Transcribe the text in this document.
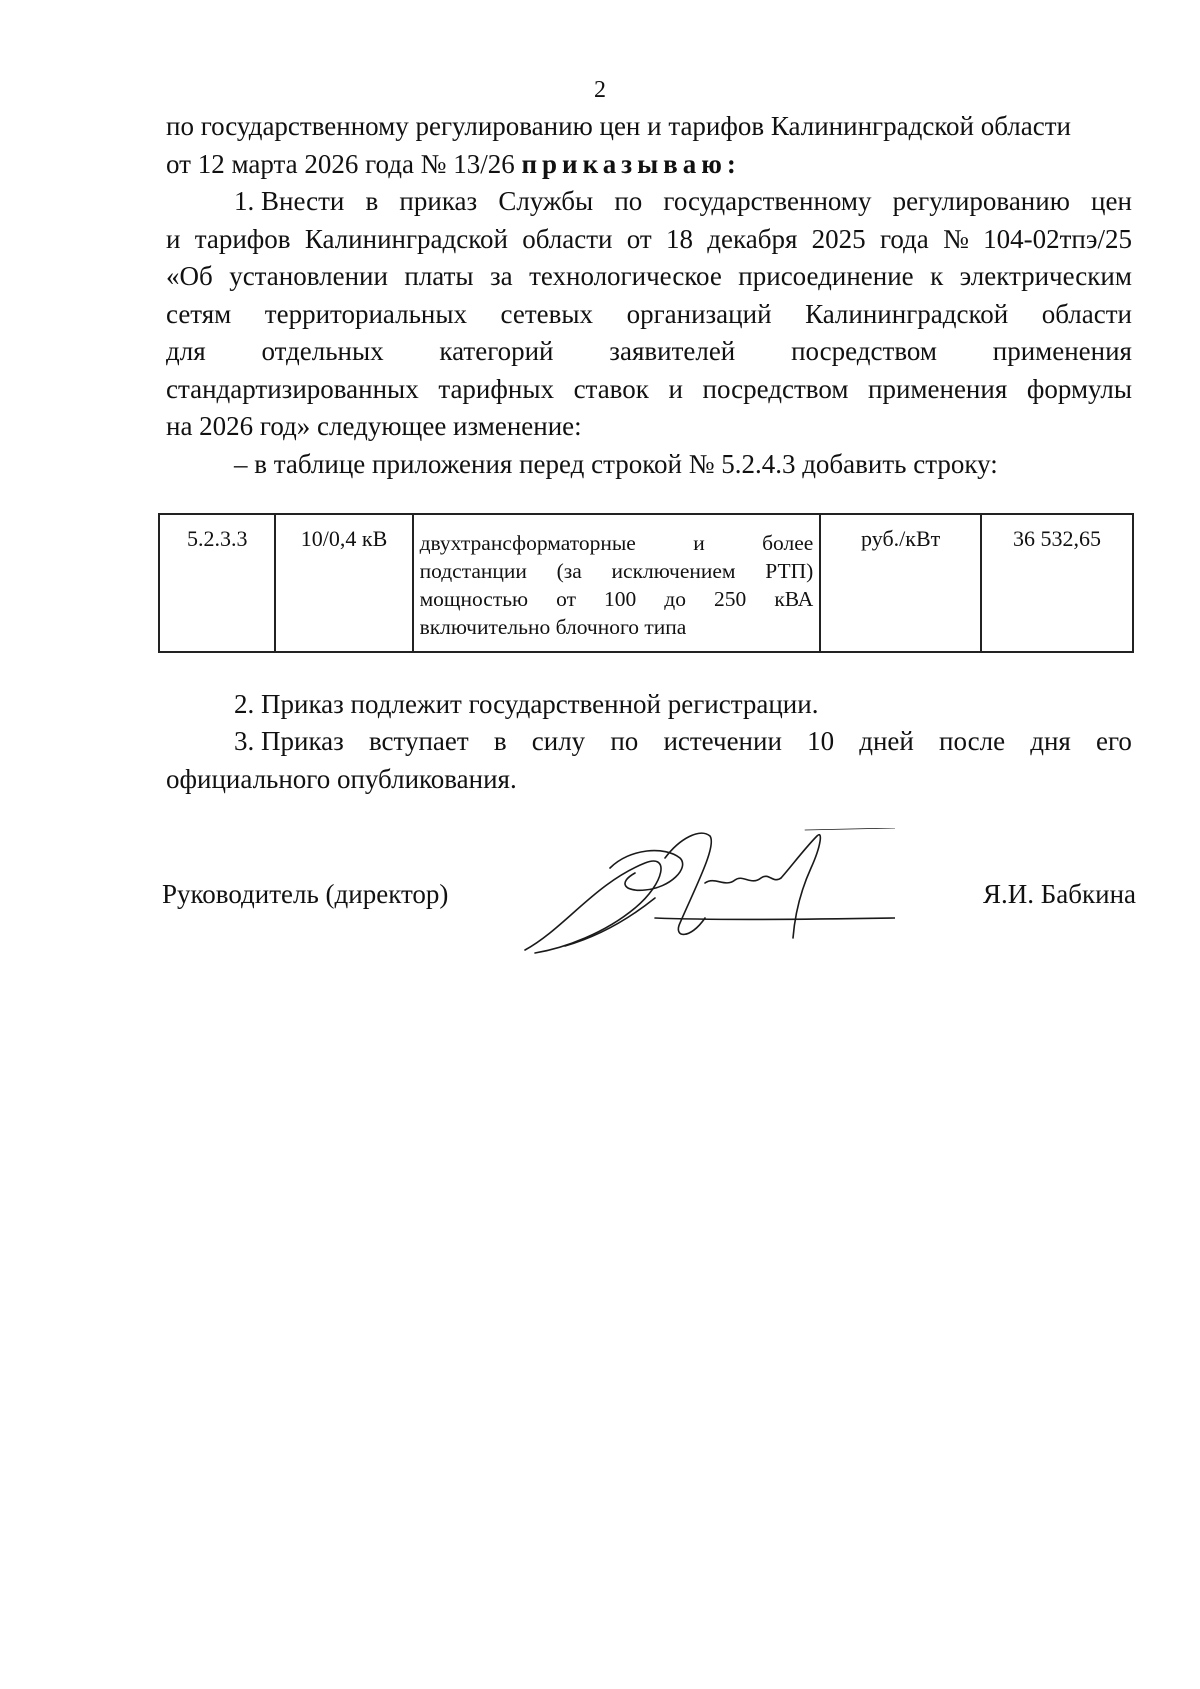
2
по государственному регулированию цен и тарифов Калининградской области
от 12 марта 2026 года № 13/26 приказываю:
1. Внести в приказ Службы по государственному регулированию цен
и тарифов Калининградской области от 18 декабря 2025 года № 104-02тпэ/25
«Об установлении платы за технологическое присоединение к электрическим
сетям территориальных сетевых организаций Калининградской области
для отдельных категорий заявителей посредством применения
стандартизированных тарифных ставок и посредством применения формулы
на 2026 год» следующее изменение:
– в таблице приложения перед строкой № 5.2.4.3 добавить строку:
5.2.3.3	10/0,4 кВ	двухтрансформаторные и более подстанции (за исключением РТП) мощностью от 100 до 250 кВА включительно блочного типа	руб./кВт	36 532,65
2. Приказ подлежит государственной регистрации.
3. Приказ вступает в силу по истечении 10 дней после дня его
официального опубликования.
Руководитель (директор)	Я.И. Бабкина
